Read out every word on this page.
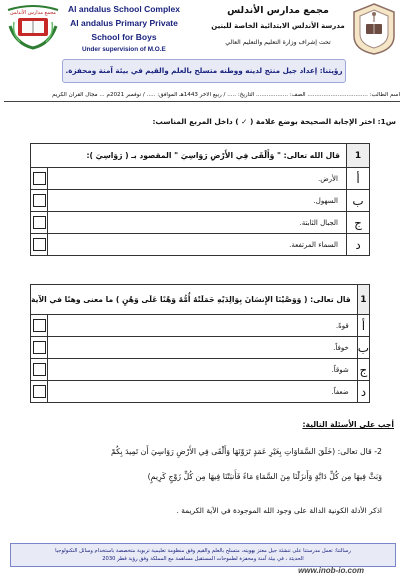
مجمع مدارس الأندلس	Al andalus School Complex
Al andalus Primary Private
School for Boys
Under supervision of M.O.E
مجمع مدارس الأندلس
مدرسة الأندلس الابتدائية الخاصة للبنين
تحت إشراف وزارة التعليم والتعليم العالي
رؤيتنا: إعداد جيل منتج لدينه ووطنه متسلح بالعلم والقيم في بيئة آمنة ومحفزة.
اسم الطالب: .................................. الصف: .................. التاريخ: ..... / ربيع الآخر 1443هـ الموافق: ..... / نوفمبر 2021م ... مجال القرآن الكريم
س1: اختر الإجابة الصحيحة بوضع علامة ( ✓ ) داخل المربع المناسب:
1	قال الله تعالى: " وَأَلْقَى فِي الأَرْضِ رَوَاسِيَ " المقصود بـ ( رَوَاسِيَ ):	
أ	الأرض.	

ب	السهول.	

ج	الجبال الثابتة.	

د	السماء المرتفعة.	
1	قال تعالى: ( وَوَصَّيْنَا الإِنسَانَ بِوَالِدَيْهِ حَمَلَتْهُ أُمُّهُ وَهْنًا عَلَى وَهْنٍ ) ما معنى وهنًا في الآية	
أ	قوةً.	

ب	خوفاً.	

ج	شوقاً.	

د	ضعفاً.	
أجب على الأسئلة التالية:
2- قال تعالى: (خَلَقَ السَّمَاوَاتِ بِغَيْرِ عَمَدٍ تَرَوْنَهَا وَأَلْقَى فِي الأَرْضِ رَوَاسِيَ أَن تَمِيدَ بِكُمْ
وَبَثَّ فِيهَا مِن كُلِّ دَابَّةٍ وَأَنزَلْنَا مِنَ السَّمَاءِ مَاءً فَأَنبَتْنَا فِيهَا مِن كُلِّ زَوْجٍ كَرِيمٍ)
اذكر الأدلة الكونية الدالة على وجود الله الموجودة في الآية الكريمة .
رسالتنا: تعمل مدرستنا على تنشئة جيل معتز بهويته، متسلح بالعلم والقيم وفق منظومة تعليمية تربوية متخصصة باستخدام وسائل التكنولوجيا
الحديثة ، في بيئة آمنة ومحفزة لطموحات المستقبل مساهمة مع المملكة وفق رؤية قطر 2030
www.inob-io.com
